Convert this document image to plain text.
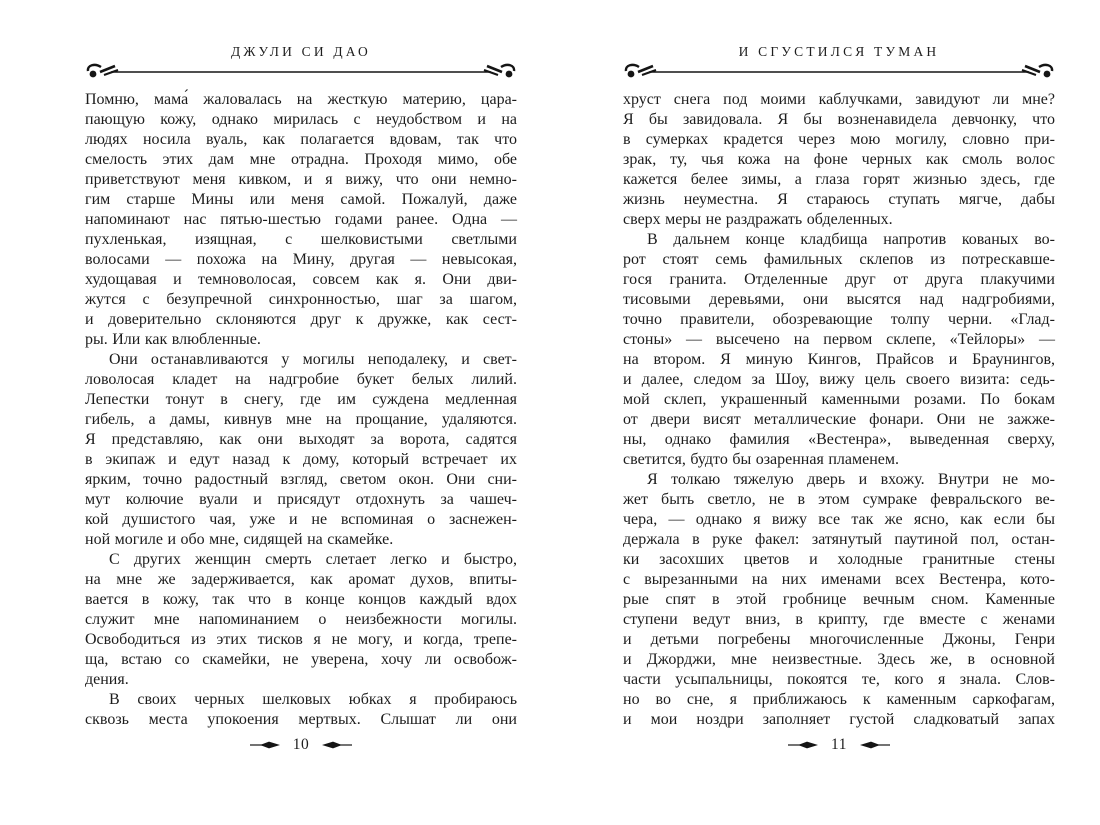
ДЖУЛИ СИ ДАО
Помню, мама́ жаловалась на жесткую материю, цара-
пающую кожу, однако мирилась с неудобством и на
людях носила вуаль, как полагается вдовам, так что
смелость этих дам мне отрадна. Проходя мимо, обе
приветствуют меня кивком, и я вижу, что они немно-
гим старше Мины или меня самой. Пожалуй, даже
напоминают нас пятью-шестью годами ранее. Одна —
пухленькая, изящная, с шелковистыми светлыми
волосами — похожа на Мину, другая — невысокая,
худощавая и темноволосая, совсем как я. Они дви-
жутся с безупречной синхронностью, шаг за шагом,
и доверительно склоняются друг к дружке, как сест-
ры. Или как влюбленные.
Они останавливаются у могилы неподалеку, и свет-
ловолосая кладет на надгробие букет белых лилий.
Лепестки тонут в снегу, где им суждена медленная
гибель, а дамы, кивнув мне на прощание, удаляются.
Я представляю, как они выходят за ворота, садятся
в экипаж и едут назад к дому, который встречает их
ярким, точно радостный взгляд, светом окон. Они сни-
мут колючие вуали и присядут отдохнуть за чашеч-
кой душистого чая, уже и не вспоминая о заснежен-
ной могиле и обо мне, сидящей на скамейке.
С других женщин смерть слетает легко и быстро,
на мне же задерживается, как аромат духов, впиты-
вается в кожу, так что в конце концов каждый вдох
служит мне напоминанием о неизбежности могилы.
Освободиться из этих тисков я не могу, и когда, трепе-
ща, встаю со скамейки, не уверена, хочу ли освобож-
дения.
В своих черных шелковых юбках я пробираюсь
сквозь места упокоения мертвых. Слышат ли они
10
И СГУСТИЛСЯ ТУМАН
хруст снега под моими каблучками, завидуют ли мне?
Я бы завидовала. Я бы возненавидела девчонку, что
в сумерках крадется через мою могилу, словно при-
зрак, ту, чья кожа на фоне черных как смоль волос
кажется белее зимы, а глаза горят жизнью здесь, где
жизнь неуместна. Я стараюсь ступать мягче, дабы
сверх меры не раздражать обделенных.
В дальнем конце кладбища напротив кованых во-
рот стоят семь фамильных склепов из потрескавше-
гося гранита. Отделенные друг от друга плакучими
тисовыми деревьями, они высятся над надгробиями,
точно правители, обозревающие толпу черни. «Глад-
стоны» — высечено на первом склепе, «Тейлоры» —
на втором. Я миную Кингов, Прайсов и Браунингов,
и далее, следом за Шоу, вижу цель своего визита: седь-
мой склеп, украшенный каменными розами. По бокам
от двери висят металлические фонари. Они не зажже-
ны, однако фамилия «Вестенра», выведенная сверху,
светится, будто бы озаренная пламенем.
Я толкаю тяжелую дверь и вхожу. Внутри не мо-
жет быть светло, не в этом сумраке февральского ве-
чера, — однако я вижу все так же ясно, как если бы
держала в руке факел: затянутый паутиной пол, остан-
ки засохших цветов и холодные гранитные стены
с вырезанными на них именами всех Вестенра, кото-
рые спят в этой гробнице вечным сном. Каменные
ступени ведут вниз, в крипту, где вместе с женами
и детьми погребены многочисленные Джоны, Генри
и Джорджи, мне неизвестные. Здесь же, в основной
части усыпальницы, покоятся те, кого я знала. Слов-
но во сне, я приближаюсь к каменным саркофагам,
и мои ноздри заполняет густой сладковатый запах
11
